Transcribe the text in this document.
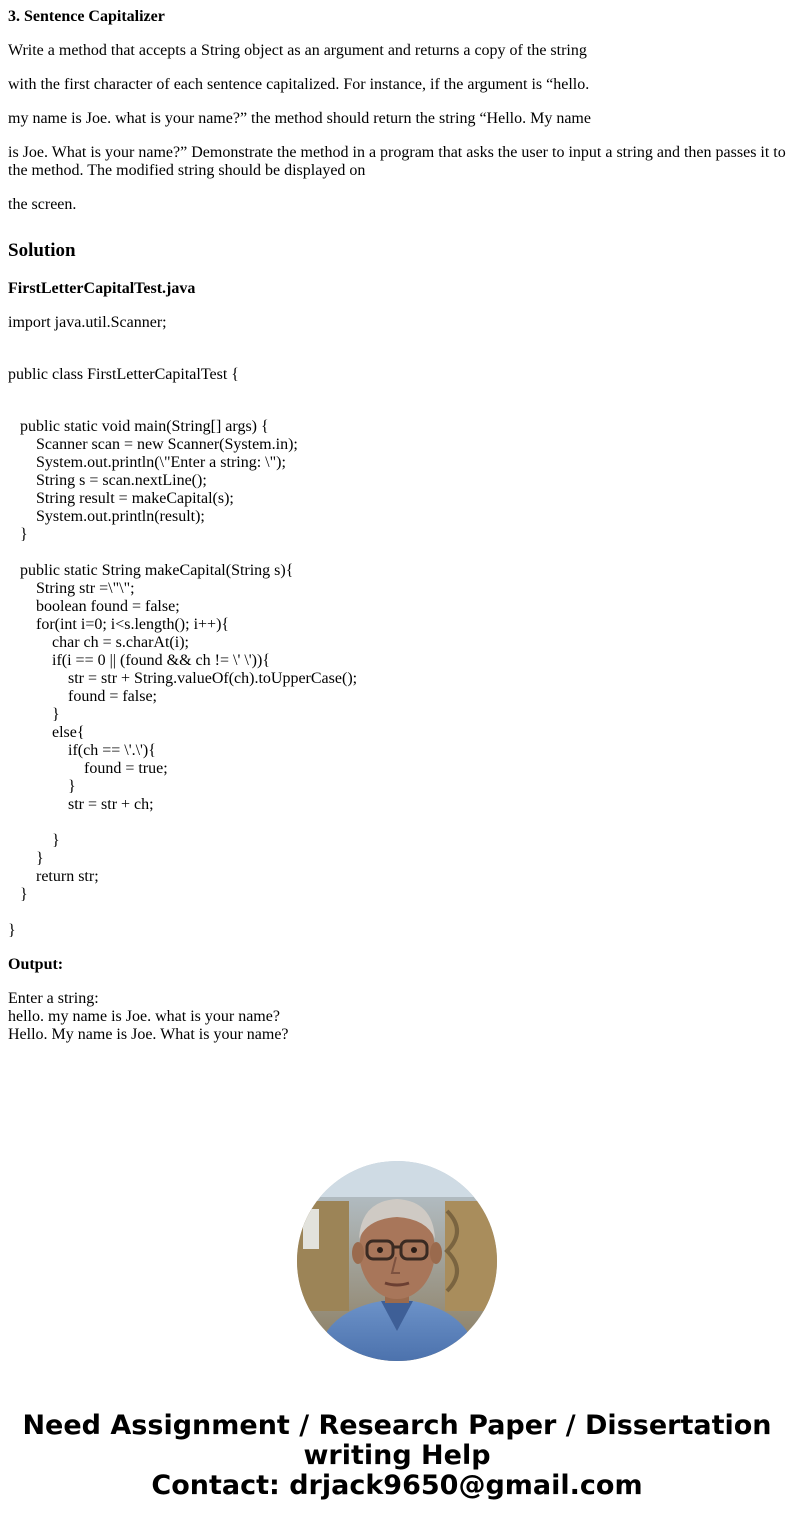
3. Sentence Capitalizer

Write a method that accepts a String object as an argument and returns a copy of the string

with the first character of each sentence capitalized. For instance, if the argument is “hello.

my name is Joe. what is your name?” the method should return the string “Hello. My name

is Joe. What is your name?” Demonstrate the method in a program that asks the user to input a string and then passes it to the method. The modified string should be displayed on

the screen.

Solution
FirstLetterCapitalTest.java
import java.util.Scanner;
public class FirstLetterCapitalTest {
public static void main(String[] args) {
Scanner scan = new Scanner(System.in);
System.out.println(\"Enter a string: \");
String s = scan.nextLine();
String result = makeCapital(s);
System.out.println(result);
}
public static String makeCapital(String s){
String str =\"\";
boolean found = false;
for(int i=0; i<s.length(); i++){
char ch = s.charAt(i);
if(i == 0 || (found && ch != \' \')){
str = str + String.valueOf(ch).toUpperCase();
found = false;
}
else{
if(ch == \'.\'){
found = true;
}
str = str + ch;
}
}
return str;
}
}
Output:
Enter a string:
hello. my name is Joe. what is your name?
Hello. My name is Joe. What is your name?
Need Assignment / Research Paper / Dissertation
writing Help
Contact: drjack9650@gmail.com
